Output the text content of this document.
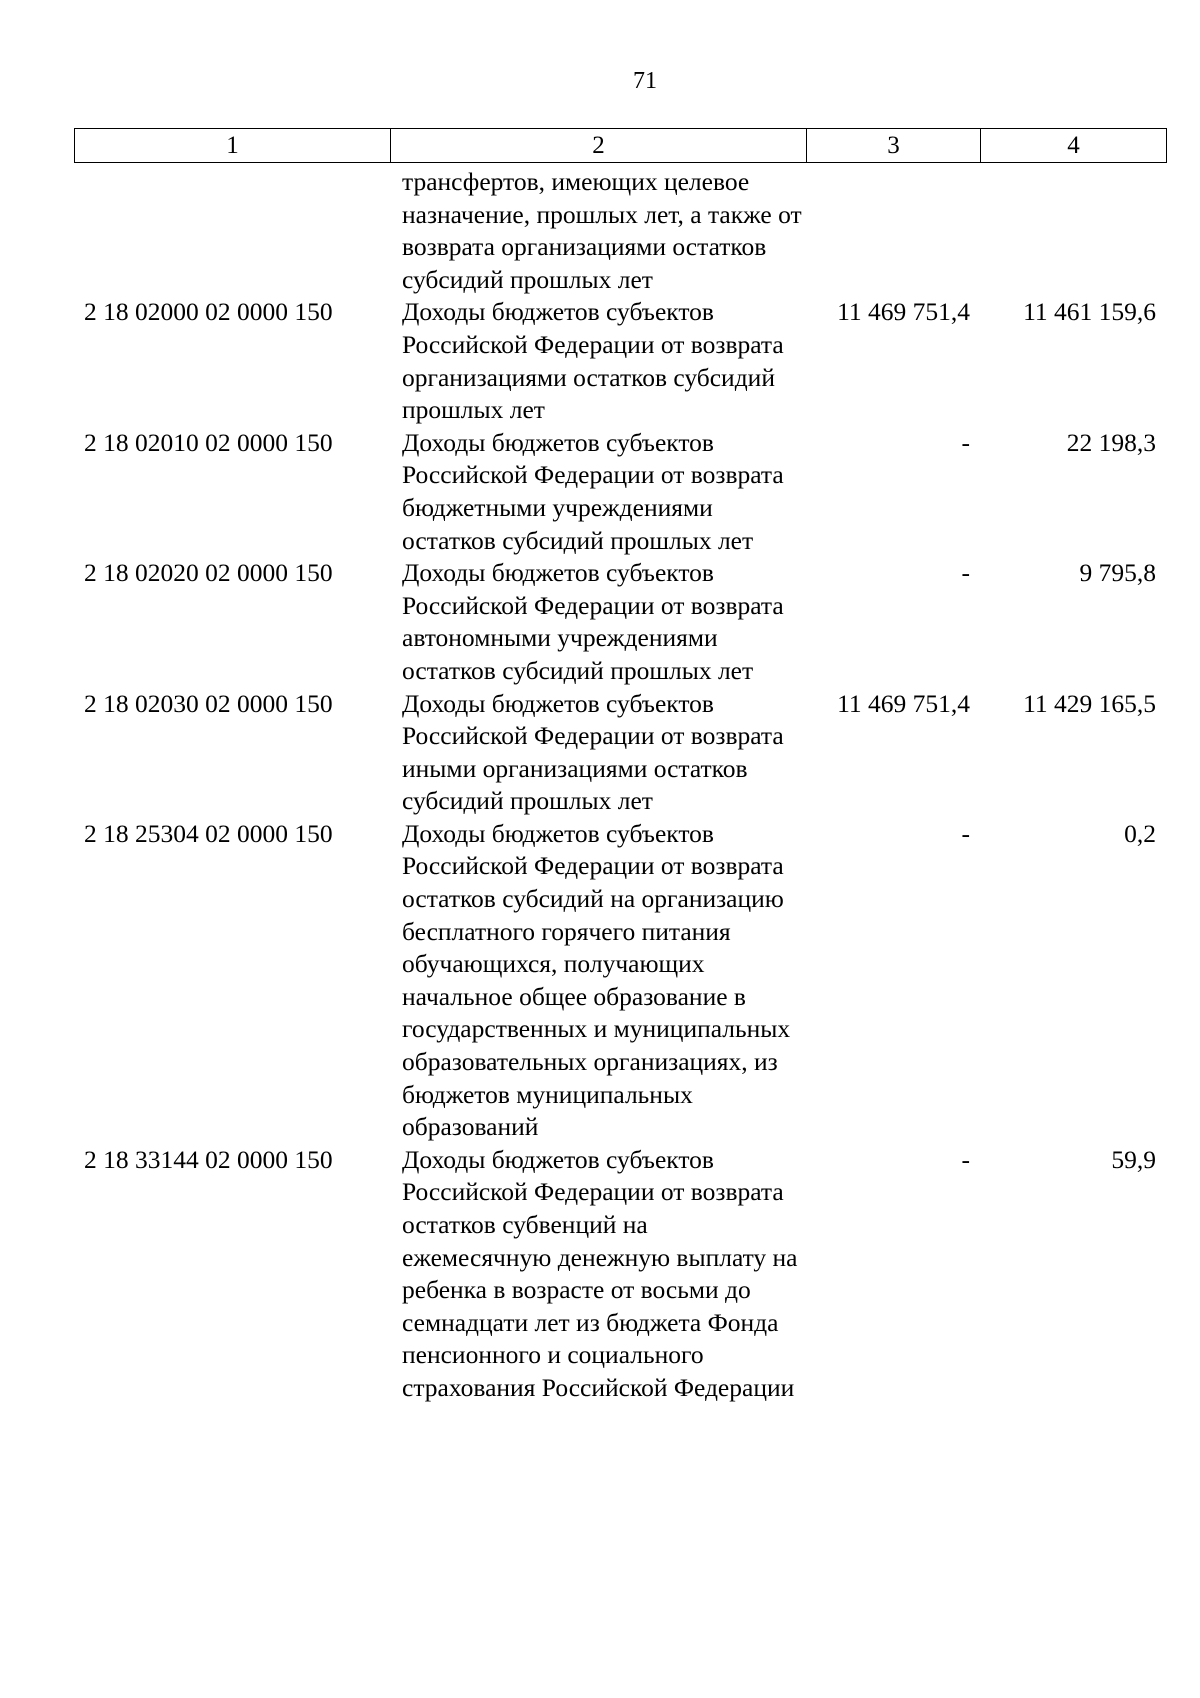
71
1	2	3	4
	трансфертов, имеющих целевое назначение, прошлых лет, а также от возврата организациями остатков субсидий прошлых лет		
2 18 02000 02 0000 150	Доходы бюджетов субъектов Российской Федерации от возврата организациями остатков субсидий прошлых лет	11 469 751,4	11 461 159,6
2 18 02010 02 0000 150	Доходы бюджетов субъектов Российской Федерации от возврата бюджетными учреждениями остатков субсидий прошлых лет	-	22 198,3
2 18 02020 02 0000 150	Доходы бюджетов субъектов Российской Федерации от возврата автономными учреждениями остатков субсидий прошлых лет	-	9 795,8
2 18 02030 02 0000 150	Доходы бюджетов субъектов Российской Федерации от возврата иными организациями остатков субсидий прошлых лет	11 469 751,4	11 429 165,5
2 18 25304 02 0000 150	Доходы бюджетов субъектов Российской Федерации от возврата остатков субсидий на организацию бесплатного горячего питания обучающихся, получающих начальное общее образование в государственных и муниципальных образовательных организациях, из бюджетов муниципальных образований	-	0,2
2 18 33144 02 0000 150	Доходы бюджетов субъектов Российской Федерации от возврата остатков субвенций на ежемесячную денежную выплату на ребенка в возрасте от восьми до семнадцати лет из бюджета Фонда пенсионного и социального страхования Российской Федерации	-	59,9
